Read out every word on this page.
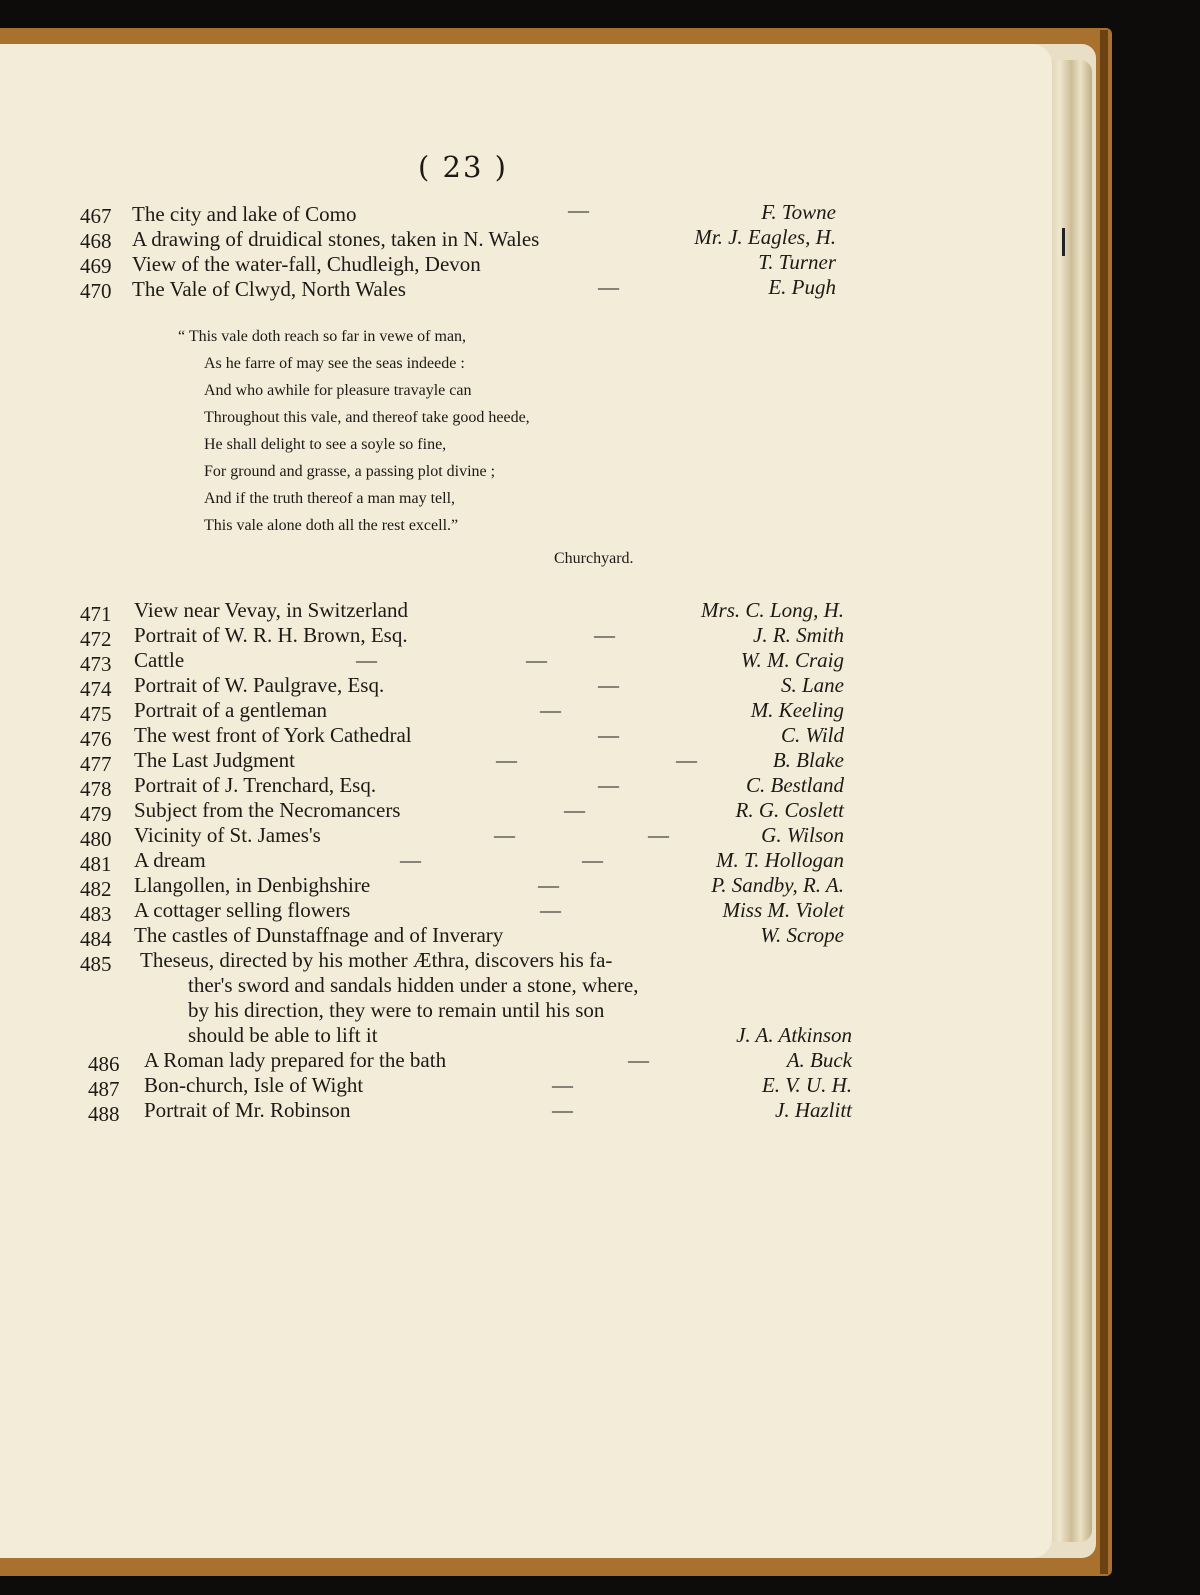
( 23 )
467 The city and lake of Como	—	F. Towne
468 A drawing of druidical stones, taken in N. Wales	Mr. J. Eagles, H.
469 View of the water-fall, Chudleigh, Devon	T. Turner
470 The Vale of Clwyd, North Wales	—	E. Pugh
“ This vale doth reach so far in vewe of man,
As he farre of may see the seas indeede :
And who awhile for pleasure travayle can
Throughout this vale, and thereof take good heede,
He shall delight to see a soyle so fine,
For ground and grasse, a passing plot divine ;
And if the truth thereof a man may tell,
This vale alone doth all the rest excell.”
Churchyard.
471 View near Vevay, in Switzerland	Mrs. C. Long, H.
472 Portrait of W. R. H. Brown, Esq.	—	J. R. Smith
473 Cattle	—	—	W. M. Craig
474 Portrait of W. Paulgrave, Esq.	—	S. Lane
475 Portrait of a gentleman	—	M. Keeling
476 The west front of York Cathedral	—	C. Wild
477 The Last Judgment	—	—	B. Blake
478 Portrait of J. Trenchard, Esq.	—	C. Bestland
479 Subject from the Necromancers	—	R. G. Coslett
480 Vicinity of St. James's	—	—	G. Wilson
481 A dream	—	—	M. T. Hollogan
482 Llangollen, in Denbighshire	—	P. Sandby, R. A.
483 A cottager selling flowers	—	Miss M. Violet
484 The castles of Dunstaffnage and of Inverary	W. Scrope
485 Theseus, directed by his mother Æthra, discovers his fa-
ther's sword and sandals hidden under a stone, where,
by his direction, they were to remain until his son
should be able to lift it	J. A. Atkinson
486 A Roman lady prepared for the bath	—	A. Buck
487 Bon-church, Isle of Wight	—	E. V. U. H.
488 Portrait of Mr. Robinson	—	J. Hazlitt
